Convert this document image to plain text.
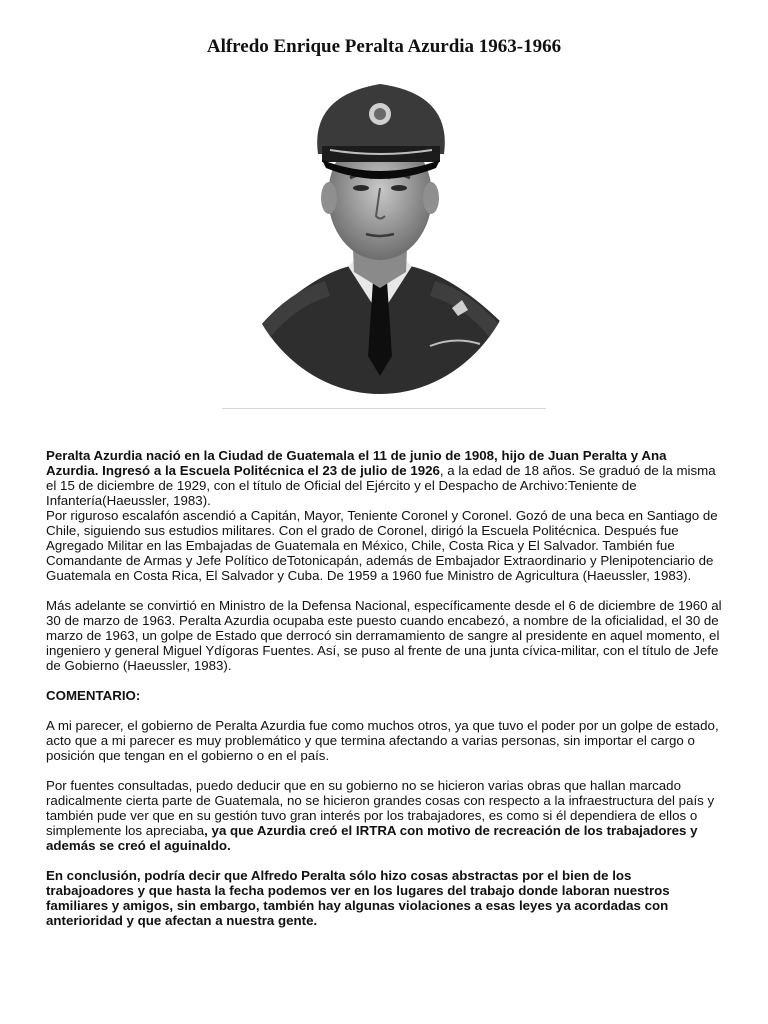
Alfredo Enrique Peralta Azurdia 1963-1966

Peralta Azurdia nació en la Ciudad de Guatemala el 11 de junio de 1908, hijo de Juan Peralta y Ana Azurdia. Ingresó a la Escuela Politécnica el 23 de julio de 1926, a la edad de 18 años. Se graduó de la misma el 15 de diciembre de 1929, con el título de Oficial del Ejército y el Despacho de Archivo:Teniente de Infantería(Haeussler, 1983).

Por riguroso escalafón ascendió a Capitán, Mayor, Teniente Coronel y Coronel. Gozó de una beca en Santiago de Chile, siguiendo sus estudios militares. Con el grado de Coronel, dirigó la Escuela Politécnica. Después fue Agregado Militar en las Embajadas de Guatemala en México, Chile, Costa Rica y El Salvador. También fue Comandante de Armas y Jefe Político deTotonicapán, además de Embajador Extraordinario y Plenipotenciario de Guatemala en Costa Rica, El Salvador y Cuba. De 1959 a 1960 fue Ministro de Agricultura (Haeussler, 1983).

Más adelante se convirtió en Ministro de la Defensa Nacional, específicamente desde el 6 de diciembre de 1960 al 30 de marzo de 1963. Peralta Azurdia ocupaba este puesto cuando encabezó, a nombre de la oficialidad, el 30 de marzo de 1963, un golpe de Estado que derrocó sin derramamiento de sangre al presidente en aquel momento, el ingeniero y general Miguel Ydígoras Fuentes. Así, se puso al frente de una junta cívica-militar, con el título de Jefe de Gobierno (Haeussler, 1983).

COMENTARIO:

A mi parecer, el gobierno de Peralta Azurdia fue como muchos otros, ya que tuvo el poder por un golpe de estado, acto que a mi parecer es muy problemático y que termina afectando a varias personas, sin importar el cargo o posición que tengan en el gobierno o en el país.

Por fuentes consultadas, puedo deducir que en su gobierno no se hicieron varias obras que hallan marcado radicalmente cierta parte de Guatemala, no se hicieron grandes cosas con respecto a la infraestructura del país y también pude ver que en su gestión tuvo gran interés por los trabajadores, es como si él dependiera de ellos o simplemente los apreciaba, ya que Azurdia creó el IRTRA con motivo de recreación de los trabajadores y además se creó el aguinaldo.

En conclusión, podría decir que Alfredo Peralta sólo hizo cosas abstractas por el bien de los trabajoadores y que hasta la fecha podemos ver en los lugares del trabajo donde laboran nuestros familiares y amigos, sin embargo, también hay algunas violaciones a esas leyes ya acordadas con anterioridad y que afectan a nuestra gente.
